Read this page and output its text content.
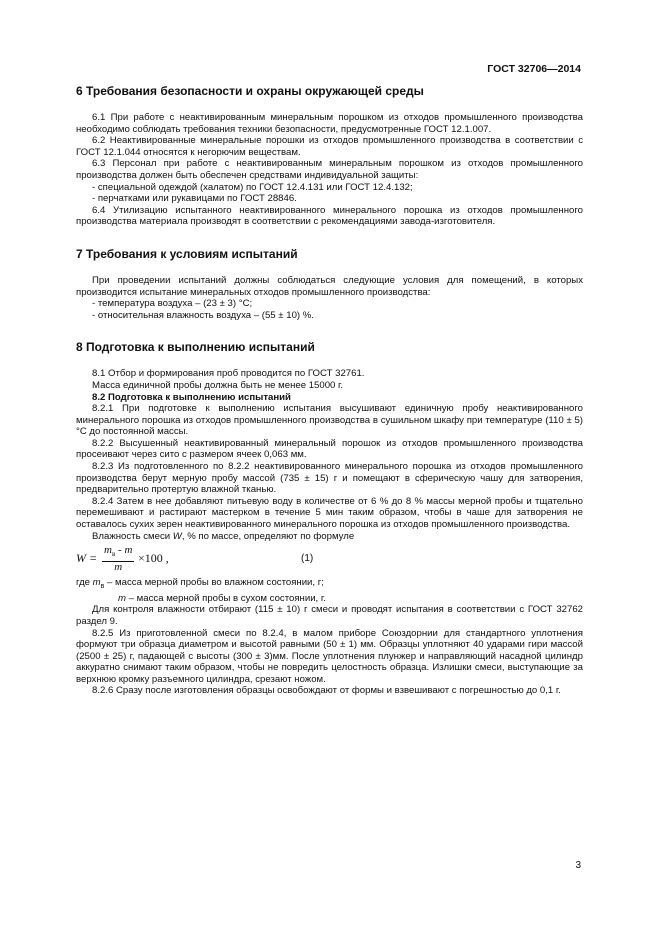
ГОСТ 32706—2014
6 Требования безопасности и охраны окружающей среды

6.1 При работе с неактивированным минеральным порошком из отходов промышленного производства необходимо соблюдать требования техники безопасности, предусмотренные ГОСТ 12.1.007.

6.2 Неактивированные минеральные порошки из отходов промышленного производства в соответствии с ГОСТ 12.1.044 относятся к негорючим веществам.

6.3 Персонал при работе с неактивированным минеральным порошком из отходов промышленного производства должен быть обеспечен средствами индивидуальной защиты:

- специальной одеждой (халатом) по ГОСТ 12.4.131 или ГОСТ 12.4.132;

- перчатками или рукавицами по ГОСТ 28846.

6.4 Утилизацию испытанного неактивированного минерального порошка из отходов промышленного производства материала производят в соответствии с рекомендациями завода-изготовителя.

7 Требования к условиям испытаний

При проведении испытаний должны соблюдаться следующие условия для помещений, в которых производится испытание минеральных отходов промышленного производства:

- температура воздуха – (23 ± 3) °С;

- относительная влажность воздуха – (55 ± 10) %.

8 Подготовка к выполнению испытаний

8.1 Отбор и формирования проб проводится по ГОСТ 32761.

Масса единичной пробы должна быть не менее 15000 г.

8.2 Подготовка к выполнению испытаний

8.2.1 При подготовке к выполнению испытания высушивают единичную пробу неактивированного минерального порошка из отходов промышленного производства в сушильном шкафу при температуре (110 ± 5)°С до постоянной массы.

8.2.2 Высушенный неактивированный минеральный порошок из отходов промышленного производства просеивают через сито с размером ячеек 0,063 мм.

8.2.3 Из подготовленного по 8.2.2 неактивированного минерального порошка из отходов промышленного производства берут мерную пробу массой (735 ± 15) г и помещают в сферическую чашу для затворения, предварительно протертую влажной тканью.

8.2.4 Затем в нее добавляют питьевую воду в количестве от 6 % до 8 % массы мерной пробы и тщательно перемешивают и растирают мастерком в течение 5 мин таким образом, чтобы в чаше для затворения не оставалось сухих зерен неактивированного минерального порошка из отходов промышленного производства.

Влажность смеси W, % по массе, определяют по формуле

W =
$m_в$ - m
m
×100 ,	(1)

где $m_в$ – масса мерной пробы во влажном состоянии, г;

m – масса мерной пробы в сухом состоянии, г.

Для контроля влажности отбирают (115 ± 10) г смеси и проводят испытания в соответствии с ГОСТ 32762 раздел 9.

8.2.5 Из приготовленной смеси по 8.2.4, в малом приборе Союздорнии для стандартного уплотнения формуют три образца диаметром и высотой равными (50 ± 1) мм. Образцы уплотняют 40 ударами гири массой (2500 ± 25) г, падающей с высоты (300 ± 3)мм. После уплотнения плунжер и направляющий насадной цилиндр аккуратно снимают таким образом, чтобы не повредить целостность образца. Излишки смеси, выступающие за верхнюю кромку разъемного цилиндра, срезают ножом.

8.2.6 Сразу после изготовления образцы освобождают от формы и взвешивают с погрешностью до 0,1 г.

3
